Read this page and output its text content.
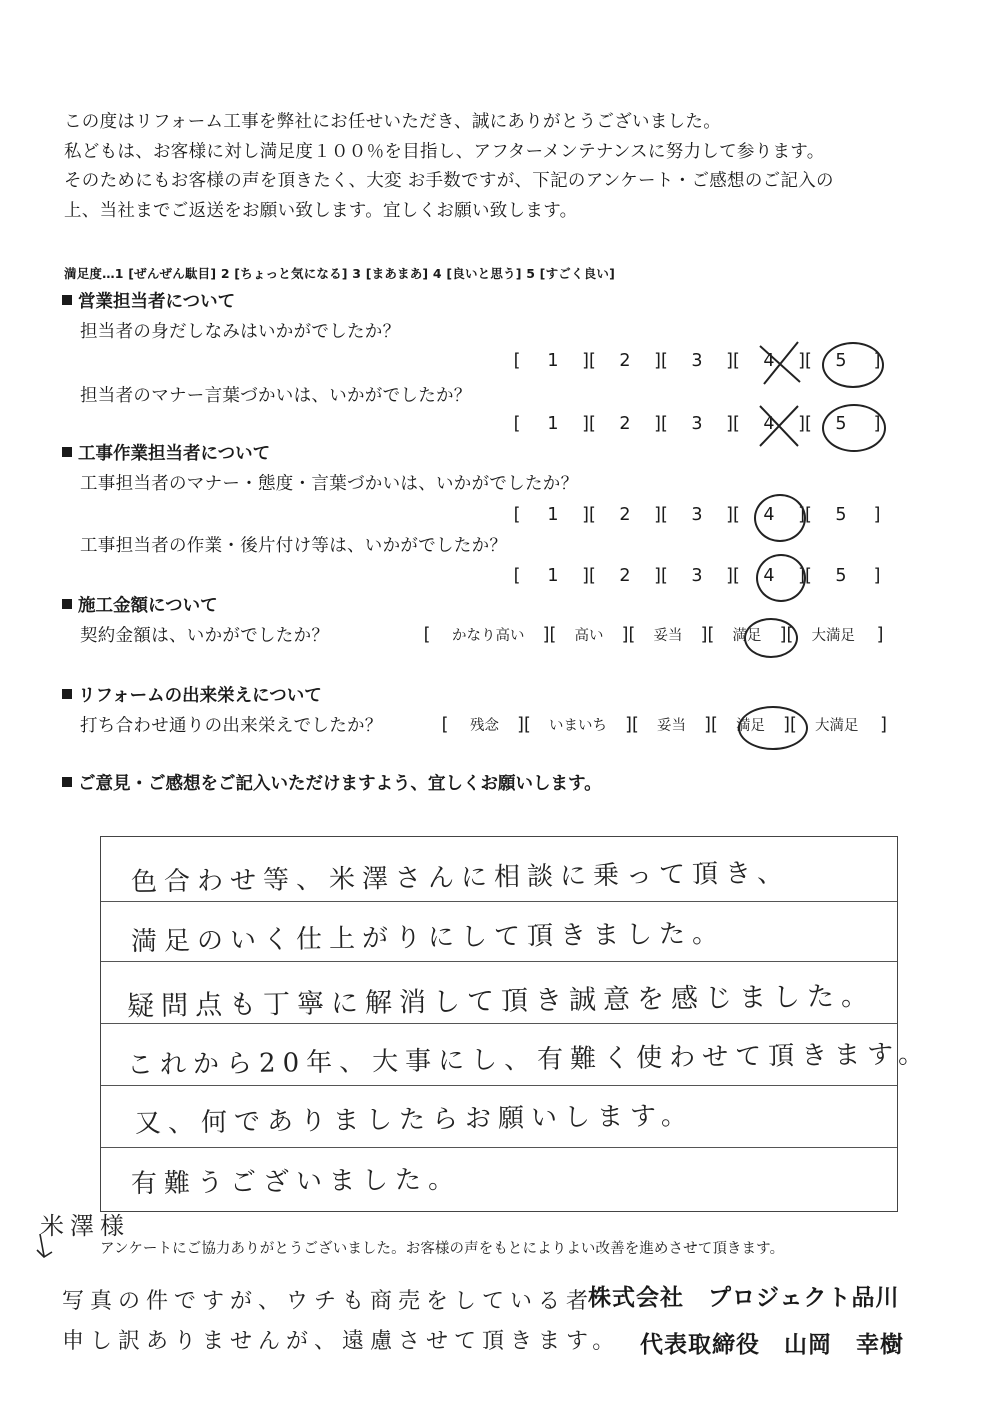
この度はリフォーム工事を弊社にお任せいただき、誠にありがとうございました。

私どもは、お客様に対し満足度１００％を目指し、アフターメンテナンスに努力して参ります。

そのためにもお客様の声を頂きたく、大変 お手数ですが、下記のアンケート・ご感想のご記入の

上、当社までご返送をお願い致します。宜しくお願い致します。

満足度…1 [ぜんぜん駄目] 2 [ちょっと気になる] 3 [まあまあ] 4 [良いと思う] 5 [すごく良い]
営業担当者について
担当者の身だしなみはいかがでしたか？
[	1	][	2	][	3	][	4	][	5	]
担当者のマナー言葉づかいは、いかがでしたか？
[	1	][	2	][	3	][	4	][	5	]
工事作業担当者について
工事担当者のマナー・態度・言葉づかいは、いかがでしたか？
[	1	][	2	][	3	][	4	][	5	]
工事担当者の作業・後片付け等は、いかがでしたか？
[	1	][	2	][	3	][	4	][	5	]
施工金額について
契約金額は、いかがでしたか？	[	かなり高い	][	高い	][	妥当	][	満足	][	大満足	]
リフォームの出来栄えについて
打ち合わせ通りの出来栄えでしたか？	[	残念	][	いまいち	][	妥当	][	満足	][	大満足	]
ご意見・ご感想をご記入いただけますよう、宜しくお願いします。
色合わせ等、米澤さんに相談に乗って頂き、
満足のいく仕上がりにして頂きました。
疑問点も丁寧に解消して頂き誠意を感じました。
これから20年、大事にし、有難く使わせて頂きます。
又、何でありましたらお願いします。
有難うございました。
米澤様
アンケートにご協力ありがとうございました。お客様の声をもとによりよい改善を進めさせて頂きます。
写真の件ですが、ウチも商売をしている者
申し訳ありませんが、遠慮させて頂きます。
株式会社　プロジェクト品川
代表取締役　山岡　幸樹
